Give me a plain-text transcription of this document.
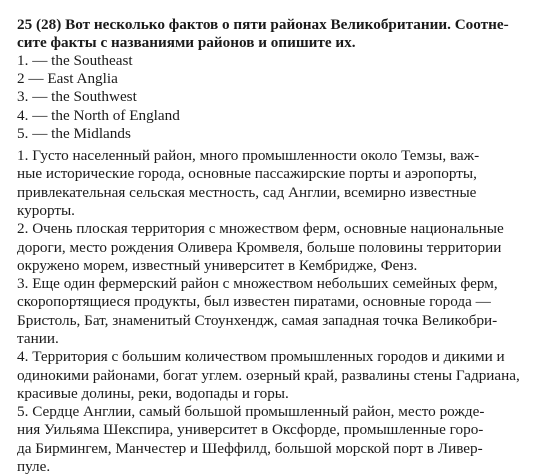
25 (28) Вот несколько фактов о пяти районах Великобритании. Соотне-
сите факты с названиями районов и опишите их.
1. — the Southeast
2 — East Anglia
3. — the Southwest
4. — the North of England
5. — the Midlands
1. Густо населенный район, много промышленности около Темзы, важ-
ные исторические города, основные пассажирские порты и аэропорты,
привлекательная сельская местность, сад Англии, всемирно известные
курорты.
2. Очень плоская территория с множеством ферм, основные национальные
дороги, место рождения Оливера Кромвеля, больше половины территории
окружено морем, известный университет в Кембридже, Фенз.
3. Еще один фермерский район с множеством небольших семейных ферм,
скоропортящиеся продукты, был известен пиратами, основные города —
Бристоль, Бат, знаменитый Стоунхендж, самая западная точка Великобри-
тании.
4. Территория с большим количеством промышленных городов и дикими и
одинокими районами, богат углем. озерный край, развалины стены Гадриана,
красивые долины, реки, водопады и горы.
5. Сердце Англии, самый большой промышленный район, место рожде-
ния Уильяма Шекспира, университет в Оксфорде, промышленные горо-
да Бирмингем, Манчестер и Шеффилд, большой морской порт в Ливер-
пуле.
